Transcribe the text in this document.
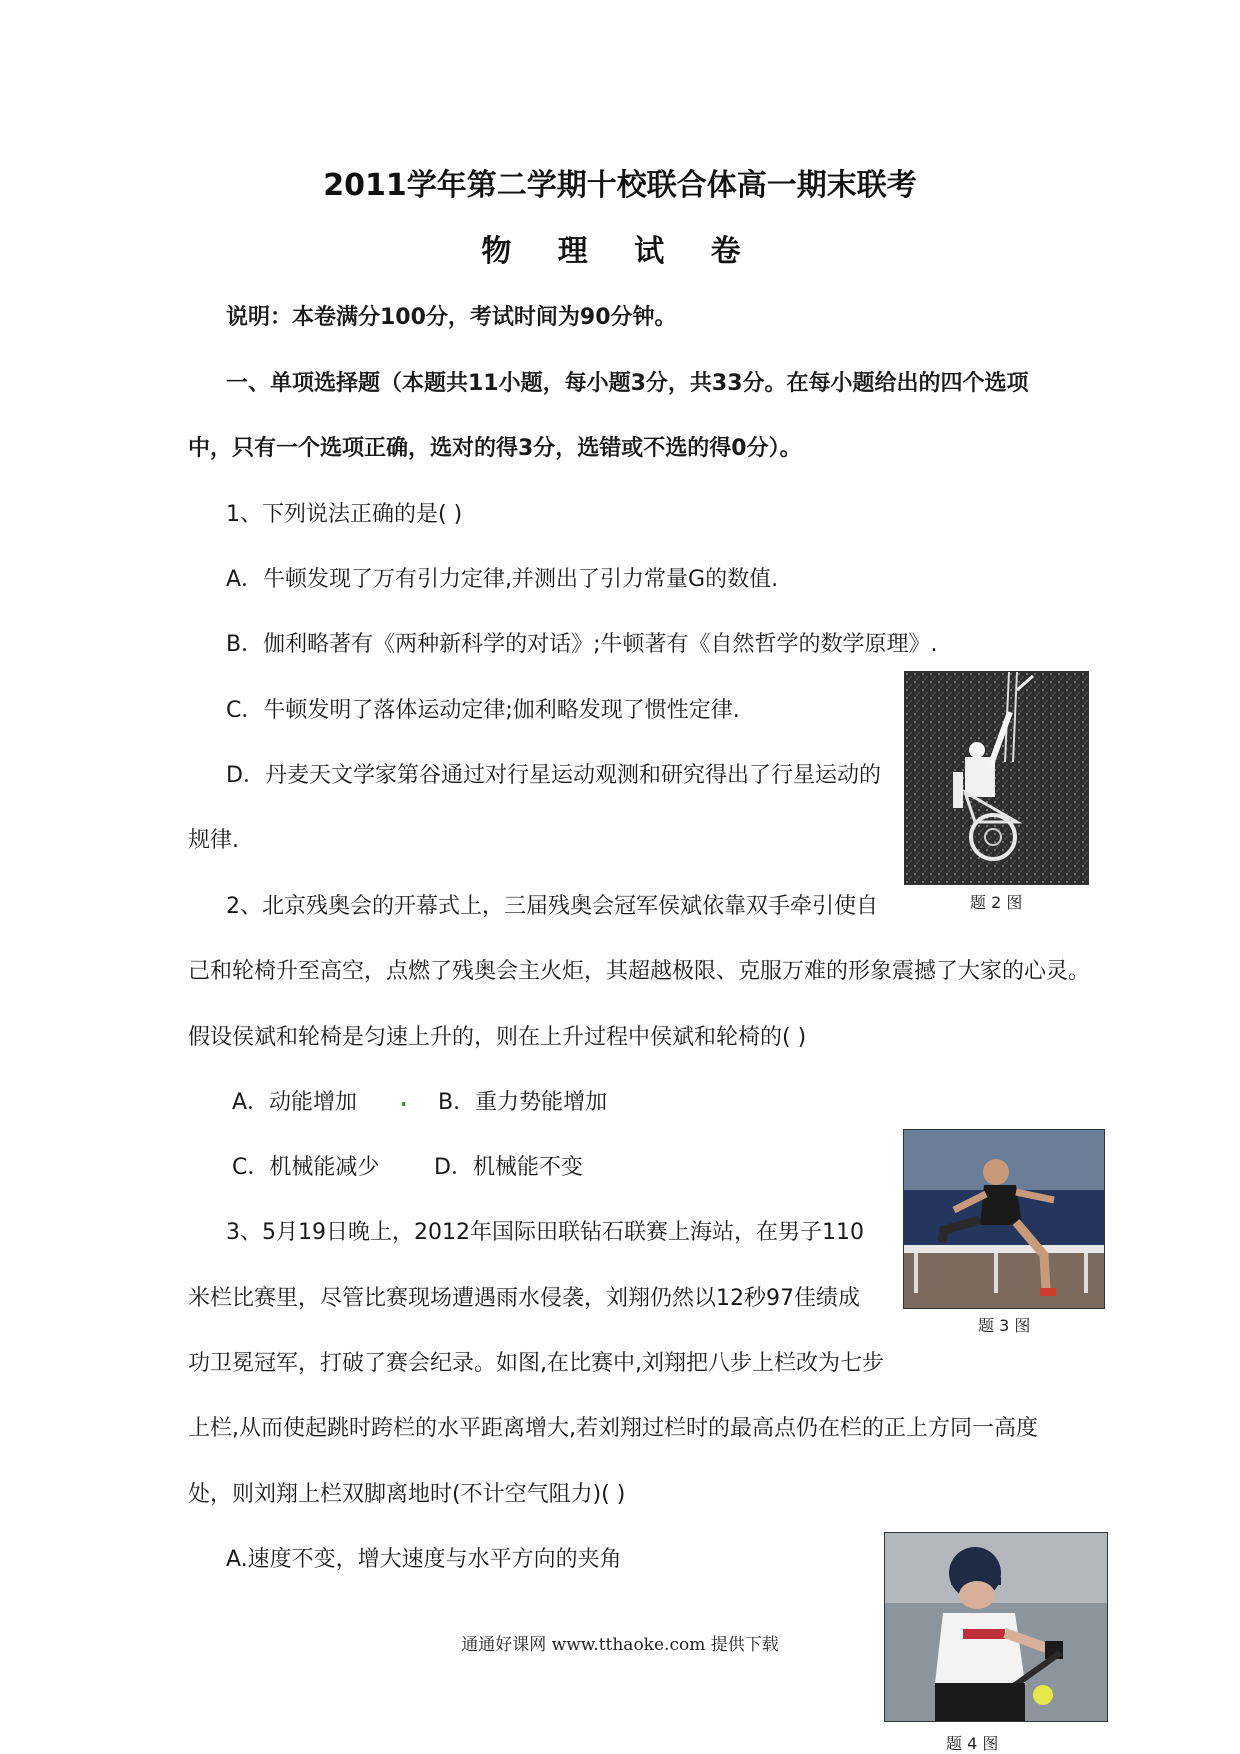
2011学年第二学期十校联合体高一期末联考
物 理 试 卷
说明：本卷满分100分，考试时间为90分钟。
一、单项选择题（本题共11小题，每小题3分，共33分。在每小题给出的四个选项
中，只有一个选项正确，选对的得3分，选错或不选的得0分）。
1、下列说法正确的是( )
A．牛顿发现了万有引力定律,并测出了引力常量G的数值.
B．伽利略著有《两种新科学的对话》;牛顿著有《自然哲学的数学原理》.
C．牛顿发明了落体运动定律;伽利略发现了惯性定律.
D．丹麦天文学家第谷通过对行星运动观测和研究得出了行星运动的
规律.
题 2 图
2、北京残奥会的开幕式上，三届残奥会冠军侯斌依靠双手牵引使自
己和轮椅升至高空，点燃了残奥会主火炬，其超越极限、克服万难的形象震撼了大家的心灵。
假设侯斌和轮椅是匀速上升的，则在上升过程中侯斌和轮椅的( )
A．动能增加	B．重力势能增加
C．机械能减少 D．机械能不变
题 3 图
3、5月19日晚上，2012年国际田联钻石联赛上海站，在男子110
米栏比赛里，尽管比赛现场遭遇雨水侵袭，刘翔仍然以12秒97佳绩成
功卫冕冠军，打破了赛会纪录。如图,在比赛中,刘翔把八步上栏改为七步
上栏,从而使起跳时跨栏的水平距离增大,若刘翔过栏时的最高点仍在栏的正上方同一高度
处，则刘翔上栏双脚离地时(不计空气阻力)( )
A.速度不变，增大速度与水平方向的夹角
题 4 图
通通好课网 www.tthaoke.com 提供下载
